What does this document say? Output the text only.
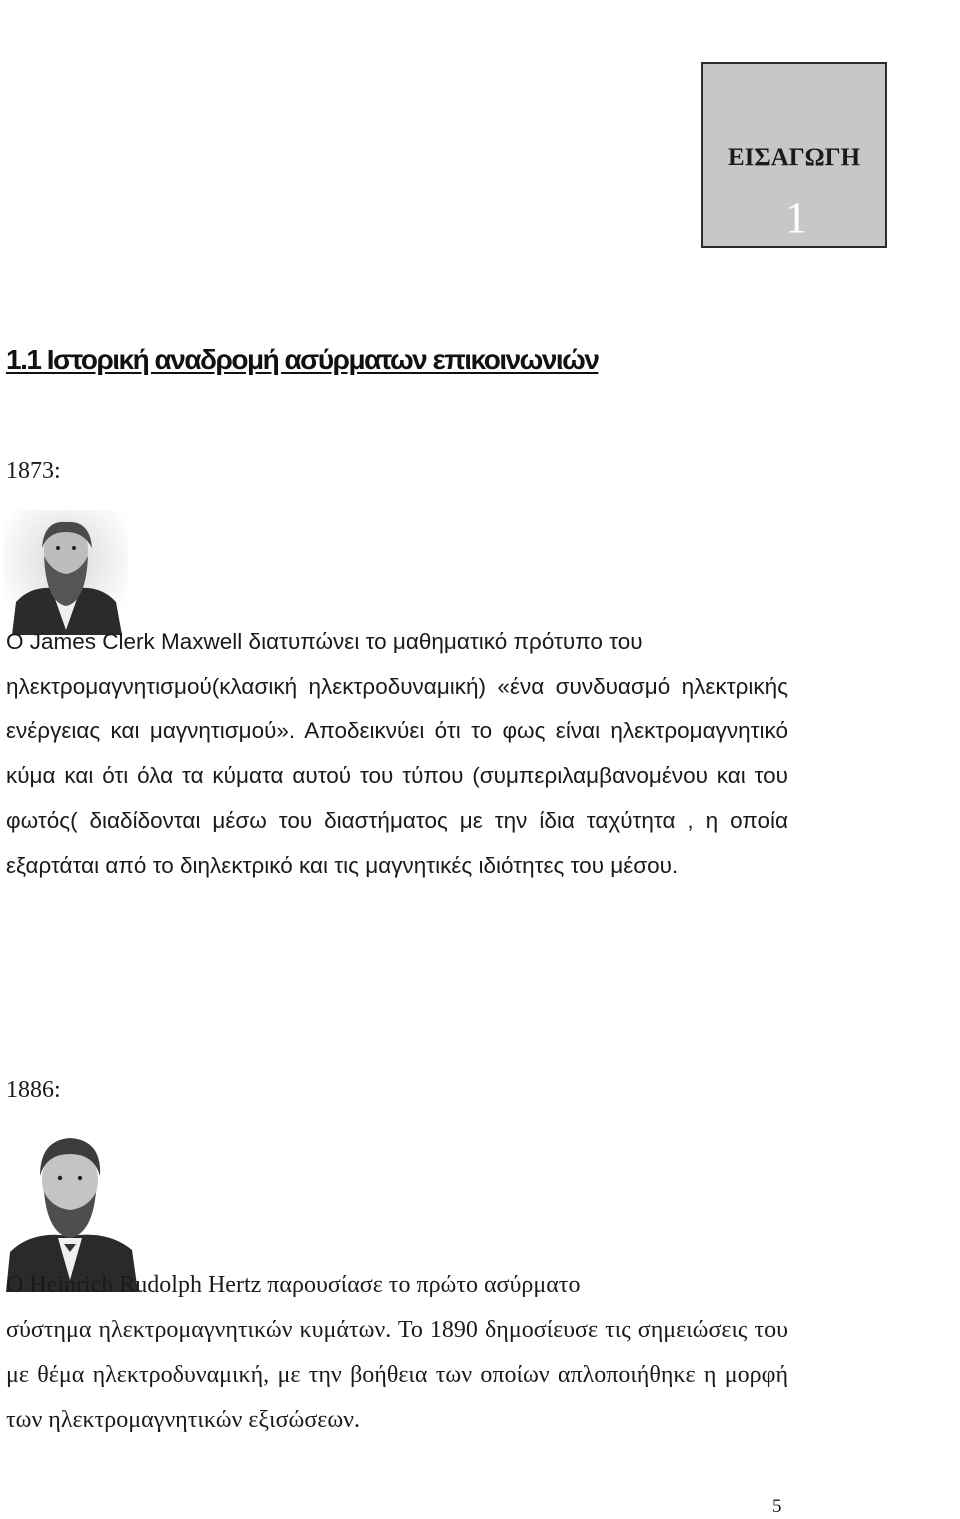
ΕΙΣΑΓΩΓΗ
1
1.1 Ιστορική αναδρομή ασύρματων επικοινωνιών
1873:

Ο James Clerk Maxwell διατυπώνει το μαθηματικό πρότυπο του
ηλεκτρομαγνητισμού(κλασική ηλεκτροδυναμική) «ένα συνδυασμό ηλεκτρικής ενέργειας και μαγνητισμού». Αποδεικνύει ότι το φως είναι ηλεκτρομαγνητικό κύμα και ότι όλα τα κύματα αυτού του τύπου (συμπεριλαμβανομένου και του φωτός( διαδίδονται μέσω του διαστήματος με την ίδια ταχύτητα , η οποία εξαρτάται από το διηλεκτρικό και τις μαγνητικές ιδιότητες του μέσου.

1886:

Ο Heinrich Rudolph Hertz παρουσίασε το πρώτο ασύρματο
σύστημα ηλεκτρομαγνητικών κυμάτων. Το 1890 δημοσίευσε τις σημειώσεις του με θέμα ηλεκτροδυναμική, με την βοήθεια των οποίων απλοποιήθηκε η μορφή των ηλεκτρομαγνητικών εξισώσεων.

5
